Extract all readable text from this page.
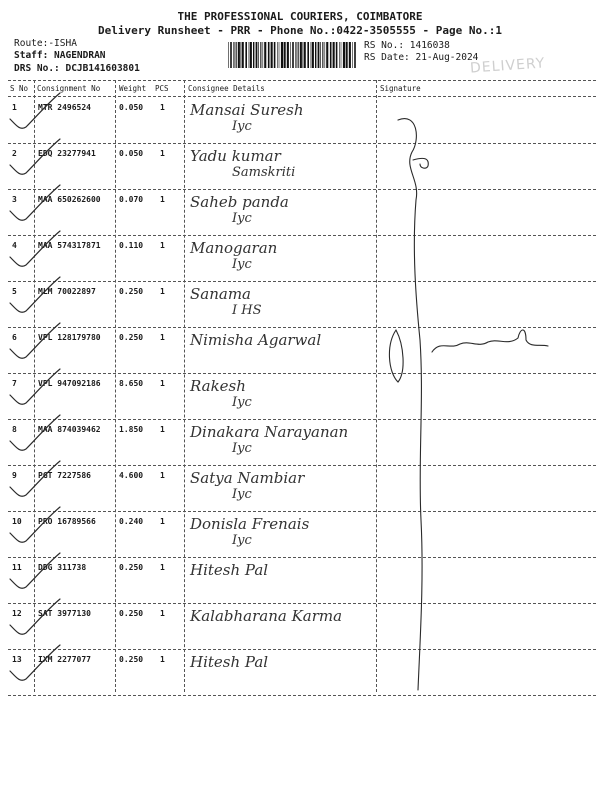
THE PROFESSIONAL COURIERS, COIMBATORE
Delivery Runsheet - PRR - Phone No.:0422-3505555 - Page No.:1
Route:-ISHA
Staff: NAGENDRAN
DRS No.: DCJB141603801
RS No.: 1416038
RS Date: 21-Aug-2024
DELIVERY
S No Consignment No	Weight PCS	Consignee Details	Signature
1	MTR 2496524	0.050 1 Mansai Suresh
Iyc
2	EDQ 23277941	0.050 1 Yadu kumar
Samskriti
3	MAA 650262600 0.070 1 Saheb panda
Iyc
4	MAA 574317871 0.110 1 Manogaran
Iyc
5	MLM 70022897	0.250 1 Sanama
I HS
6	VPL 128179780 0.250 1 Nimisha Agarwal
7	VPL 947092186 8.650 1 Rakesh
Iyc
8	MAA 874039462 1.850 1 Dinakara Narayanan
Iyc
9	PGT 7227586	4.600 1 Satya Nambiar
Iyc
10 PRO 16789566	0.240 1 Donisla Frenais
Iyc
11 DDG 311738	0.250 1 Hitesh Pal
12 SAT 3977130	0.250 1 Kalabharana Karma
13 IXM 2277077	0.250 1 Hitesh Pal
